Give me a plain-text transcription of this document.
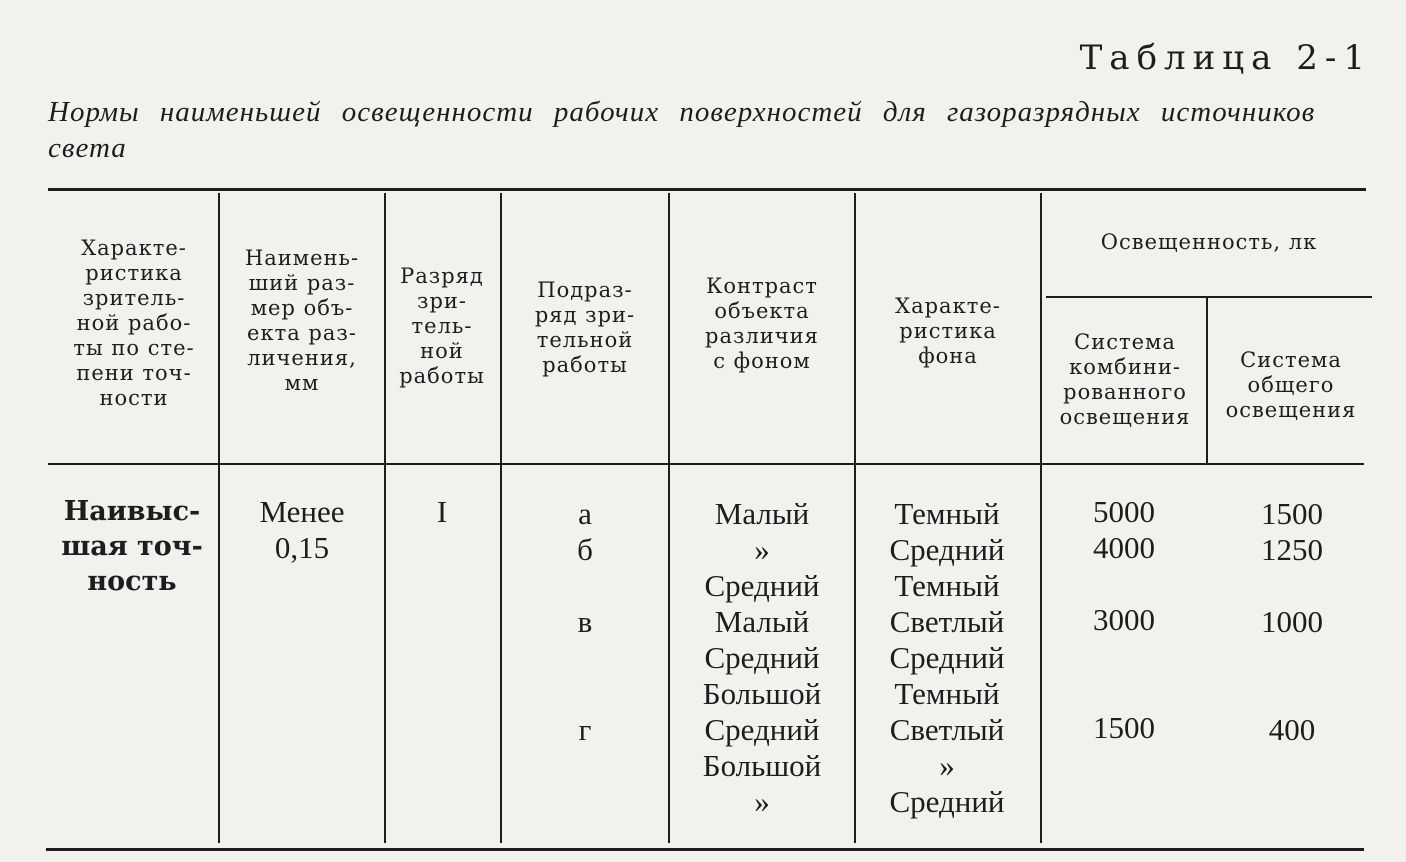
Таблица 2-1
Нормы наименьшей освещенности рабочих поверхностей для газоразрядных источников света
Характе-
ристика
зритель-
ной рабо-
ты по сте-
пени точ-
ности
Наимень-
ший раз-
мер объ-
екта раз-
личения,
мм
Разряд
зри-
тель-
ной
работы
Подраз-
ряд зри-
тельной
работы
Контраст
объекта
различия
с фоном
Характе-
ристика
фона
Освещенность, лк
Система
комбини-
рованного
освещения
Система
общего
освещения
Наивыс-
шая точ-
ность
Менее
0,15
I	а
б
в
г
Малый
»
Средний
Малый
Средний
Большой
Средний
Большой
»
Темный
Средний
Темный
Светлый
Средний
Темный
Светлый
»
Средний
5000
4000
3000
1500
1500
1250
1000
400
